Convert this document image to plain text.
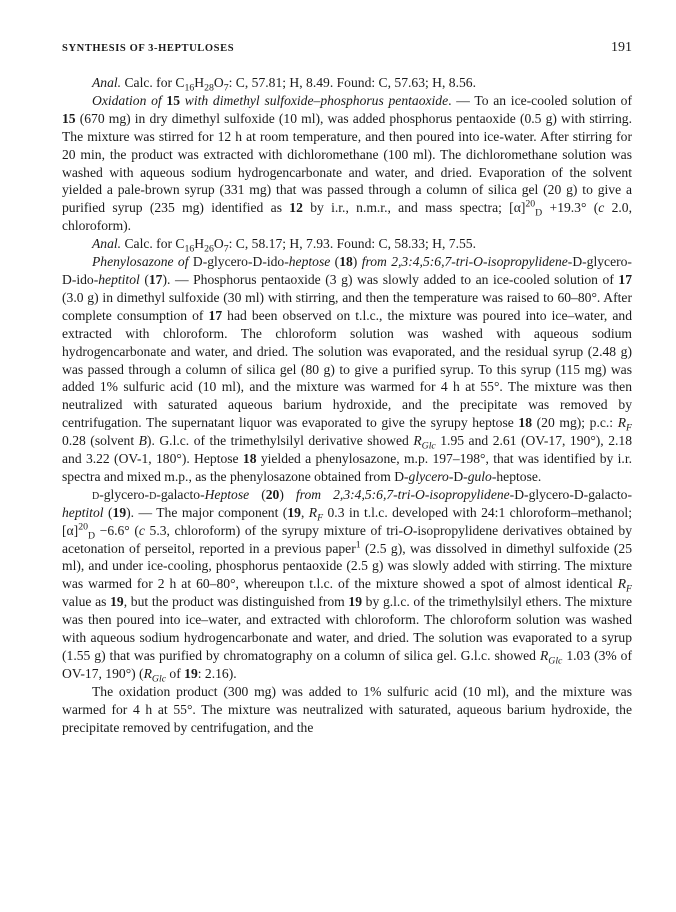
SYNTHESIS OF 3-HEPTULOSES	191

Anal. Calc. for $C_{16}H_{28}O_7$: C, 57.81; H, 8.49. Found: C, 57.63; H, 8.56.

Oxidation of 15 with dimethyl sulfoxide–phosphorus pentaoxide. — To an ice-cooled solution of 15 (670 mg) in dry dimethyl sulfoxide (10 ml), was added phosphorus pentaoxide (0.5 g) with stirring. The mixture was stirred for 12 h at room temperature, and then poured into ice-water. After stirring for 20 min, the product was extracted with dichloromethane (100 ml). The dichloromethane solution was washed with aqueous sodium hydrogencarbonate and water, and dried. Evaporation of the solvent yielded a pale-brown syrup (331 mg) that was passed through a column of silica gel (20 g) to give a purified syrup (235 mg) identified as 12 by i.r., n.m.r., and mass spectra; $[\alpha]^{20}_D +19.3^\circ$ (c 2.0, chloroform).

Anal. Calc. for $C_{16}H_{26}O_7$: C, 58.17; H, 7.93. Found: C, 58.33; H, 7.55.

Phenylosazone of D-glycero-D-ido-heptose (18) from 2,3:4,5:6,7-tri-O-isopropylidene-D-glycero-D-ido-heptitol (17). — Phosphorus pentaoxide (3 g) was slowly added to an ice-cooled solution of 17 (3.0 g) in dimethyl sulfoxide (30 ml) with stirring, and then the temperature was raised to 60–80°. After complete consumption of 17 had been observed on t.l.c., the mixture was poured into ice–water, and extracted with chloroform. The chloroform solution was washed with aqueous sodium hydrogencarbonate and water, and dried. The solution was evaporated, and the residual syrup (2.48 g) was passed through a column of silica gel (80 g) to give a purified syrup. To this syrup (115 mg) was added 1% sulfuric acid (10 ml), and the mixture was warmed for 4 h at 55°. The mixture was then neutralized with saturated aqueous barium hydroxide, and the precipitate was removed by centrifugation. The supernatant liquor was evaporated to give the syrupy heptose 18 (20 mg); p.c.: $R_F$ 0.28 (solvent B). G.l.c. of the trimethylsilyl derivative showed $R_{Glc}$ 1.95 and 2.61 (OV-17, 190°), 2.18 and 3.22 (OV-1, 180°). Heptose 18 yielded a phenylosazone, m.p. 197–198°, that was identified by i.r. spectra and mixed m.p., as the phenylosazone obtained from D-glycero-D-gulo-heptose.

d-glycero-d-galacto-Heptose (20) from 2,3:4,5:6,7-tri-O-isopropylidene-D-glycero-D-galacto-heptitol (19). — The major component (19, $R_F$ 0.3 in t.l.c. developed with 24:1 chloroform–methanol; $[\alpha]^{20}_D -6.6^\circ$ (c 5.3, chloroform) of the syrupy mixture of tri-O-isopropylidene derivatives obtained by acetonation of perseitol, reported in a previous paper$^1$ (2.5 g), was dissolved in dimethyl sulfoxide (25 ml), and under ice-cooling, phosphorus pentaoxide (2.5 g) was slowly added with stirring. The mixture was warmed for 2 h at 60–80°, whereupon t.l.c. of the mixture showed a spot of almost identical $R_F$ value as 19, but the product was distinguished from 19 by g.l.c. of the trimethylsilyl ethers. The mixture was then poured into ice–water, and extracted with chloroform. The chloroform solution was washed with aqueous sodium hydrogencarbonate and water, and dried. The solution was evaporated to a syrup (1.55 g) that was purified by chromatography on a column of silica gel. G.l.c. showed $R_{Glc}$ 1.03 (3% of OV-17, 190°) ($R_{Glc}$ of 19: 2.16).

The oxidation product (300 mg) was added to 1% sulfuric acid (10 ml), and the mixture was warmed for 4 h at 55°. The mixture was neutralized with saturated, aqueous barium hydroxide, the precipitate removed by centrifugation, and the
